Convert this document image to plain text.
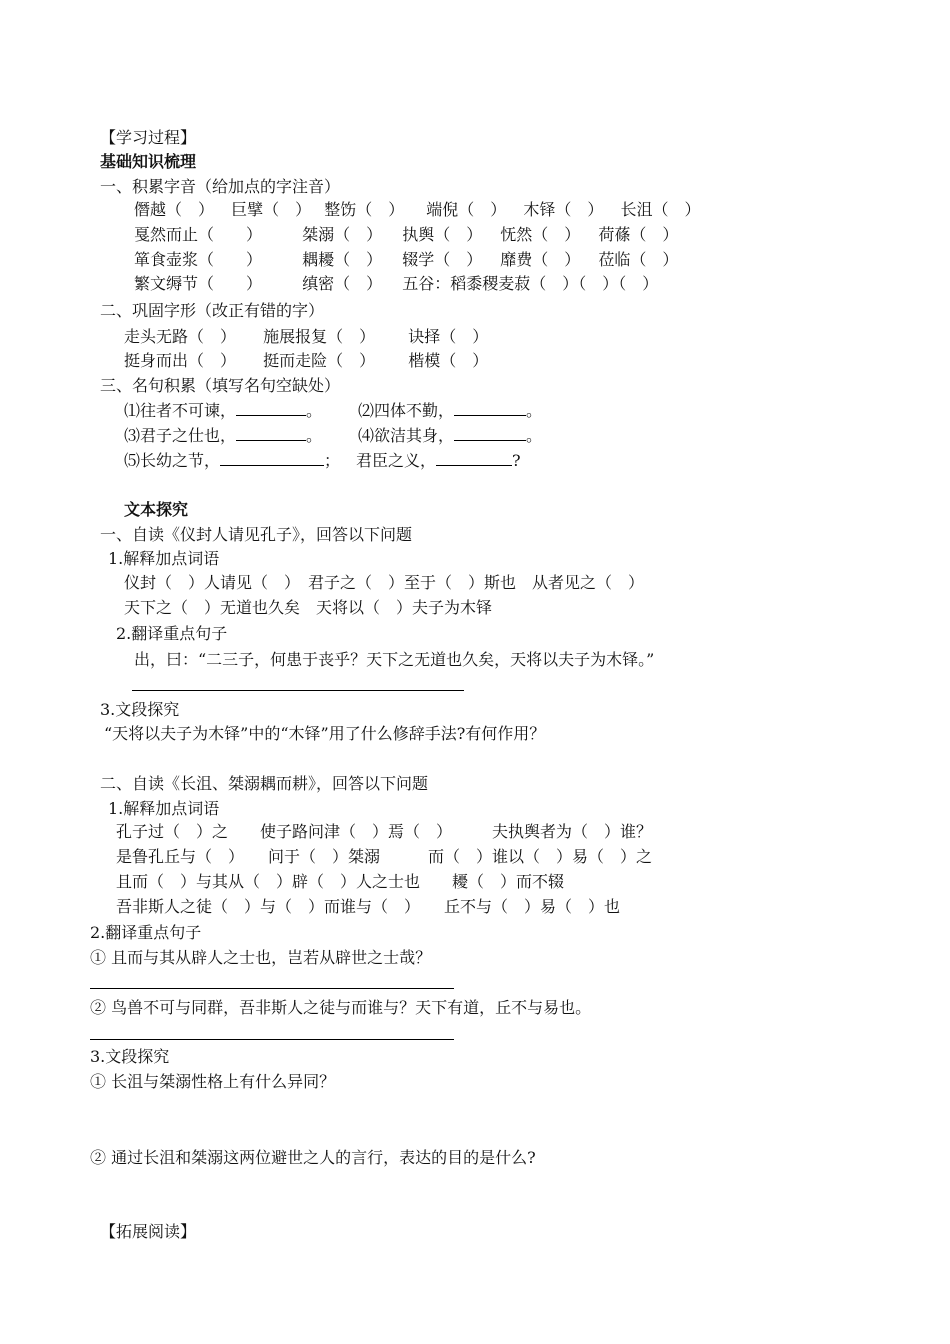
【学习过程】
基础知识梳理
一、积累字音（给加点的字注音）
僭越（　） 巨擘（　） 整饬（　） 端倪（　） 木铎（　） 长沮（　）
戛然而止（　　）	桀溺（　） 执舆（　） 怃然（　） 荷蓧（　）
箪食壶浆（　　）	耦耰（　） 辍学（　） 靡费（　） 莅临（　）
繁文缛节（　　）	缜密（　） 五谷：稻黍稷麦菽（　）（　）（　）
二、巩固字形（改正有错的字）
走头无路（　） 施展报复（　） 诀择（　）
挺身而出（　） 挺而走险（　） 楷模（　）
三、名句积累（填写名句空缺处）
⑴往者不可谏，	。 ⑵四体不勤，	。
⑶君子之仕也，	。 ⑷欲洁其身，	。
⑸长幼之节，	； 君臣之义，	?
文本探究
一、自读《仪封人请见孔子》，回答以下问题
1.解释加点词语
仪封（　）人请见（　）　君子之（　）至于（　）斯也　从者见之（　）
天下之（　）无道也久矣　天将以（　）夫子为木铎
2.翻译重点句子
出，曰：“二三子，何患于丧乎？天下之无道也久矣，天将以夫子为木铎。”
3.文段探究
“天将以夫子为木铎”中的“木铎”用了什么修辞手法?有何作用？
二、自读《长沮、桀溺耦而耕》，回答以下问题
1.解释加点词语
孔子过（　）之　　使子路问津（　）焉（　）　　　夫执舆者为（　）谁？
是鲁孔丘与（　）　　问于（　）桀溺　　　而（　）谁以（　）易（　）之
且而（　）与其从（　）辟（　）人之士也　　耰（　）而不辍
吾非斯人之徒（　）与（　）而谁与（　）　　丘不与（　）易（　）也
2.翻译重点句子
① 且而与其从辟人之士也，岂若从辟世之士哉？
② 鸟兽不可与同群，吾非斯人之徒与而谁与？天下有道，丘不与易也。
3.文段探究
① 长沮与桀溺性格上有什么异同？
② 通过长沮和桀溺这两位避世之人的言行，表达的目的是什么?
【拓展阅读】
